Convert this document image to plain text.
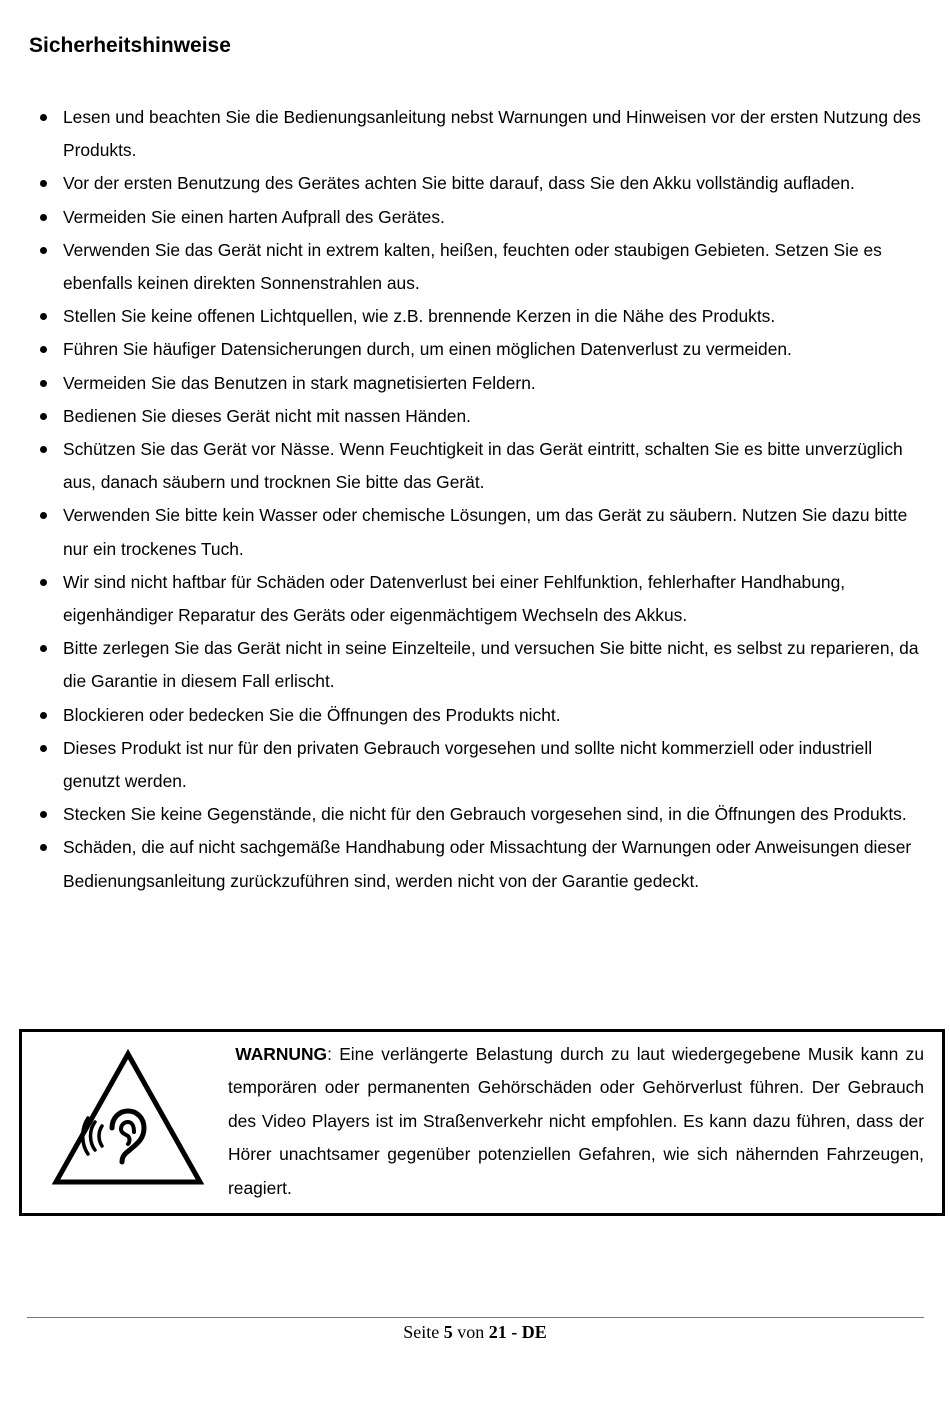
Sicherheitshinweise
Lesen und beachten Sie die Bedienungsanleitung nebst Warnungen und Hinweisen vor der ersten Nutzung des Produkts.
Vor der ersten Benutzung des Gerätes achten Sie bitte darauf, dass Sie den Akku vollständig aufladen.
Vermeiden Sie einen harten Aufprall des Gerätes.
Verwenden Sie das Gerät nicht in extrem kalten, heißen, feuchten oder staubigen Gebieten. Setzen Sie es ebenfalls keinen direkten Sonnenstrahlen aus.
Stellen Sie keine offenen Lichtquellen, wie z.B. brennende Kerzen in die Nähe des Produkts.
Führen Sie häufiger Datensicherungen durch, um einen möglichen Datenverlust zu vermeiden.
Vermeiden Sie das Benutzen in stark magnetisierten Feldern.
Bedienen Sie dieses Gerät nicht mit nassen Händen.
Schützen Sie das Gerät vor Nässe. Wenn Feuchtigkeit in das Gerät eintritt, schalten Sie es bitte unverzüglich aus, danach säubern und trocknen Sie bitte das Gerät.
Verwenden Sie bitte kein Wasser oder chemische Lösungen, um das Gerät zu säubern. Nutzen Sie dazu bitte nur ein trockenes Tuch.
Wir sind nicht haftbar für Schäden oder Datenverlust bei einer Fehlfunktion, fehlerhafter Handhabung, eigenhändiger Reparatur des Geräts oder eigenmächtigem Wechseln des Akkus.
Bitte zerlegen Sie das Gerät nicht in seine Einzelteile, und versuchen Sie bitte nicht, es selbst zu reparieren, da die Garantie in diesem Fall erlischt.
Blockieren oder bedecken Sie die Öffnungen des Produkts nicht.
Dieses Produkt ist nur für den privaten Gebrauch vorgesehen und sollte nicht kommerziell oder industriell genutzt werden.
Stecken Sie keine Gegenstände, die nicht für den Gebrauch vorgesehen sind, in die Öffnungen des Produkts.
Schäden, die auf nicht sachgemäße Handhabung oder Missachtung der Warnungen oder Anweisungen dieser Bedienungsanleitung zurückzuführen sind, werden nicht von der Garantie gedeckt.

WARNUNG: Eine verlängerte Belastung durch zu laut wiedergegebene Musik kann zu temporären oder permanenten Gehörschäden oder Gehörverlust führen. Der Gebrauch des Video Players ist im Straßenverkehr nicht empfohlen. Es kann dazu führen, dass der Hörer unachtsamer gegenüber potenziellen Gefahren, wie sich nähernden Fahrzeugen, reagiert.

Seite 5 von 21 - DE
